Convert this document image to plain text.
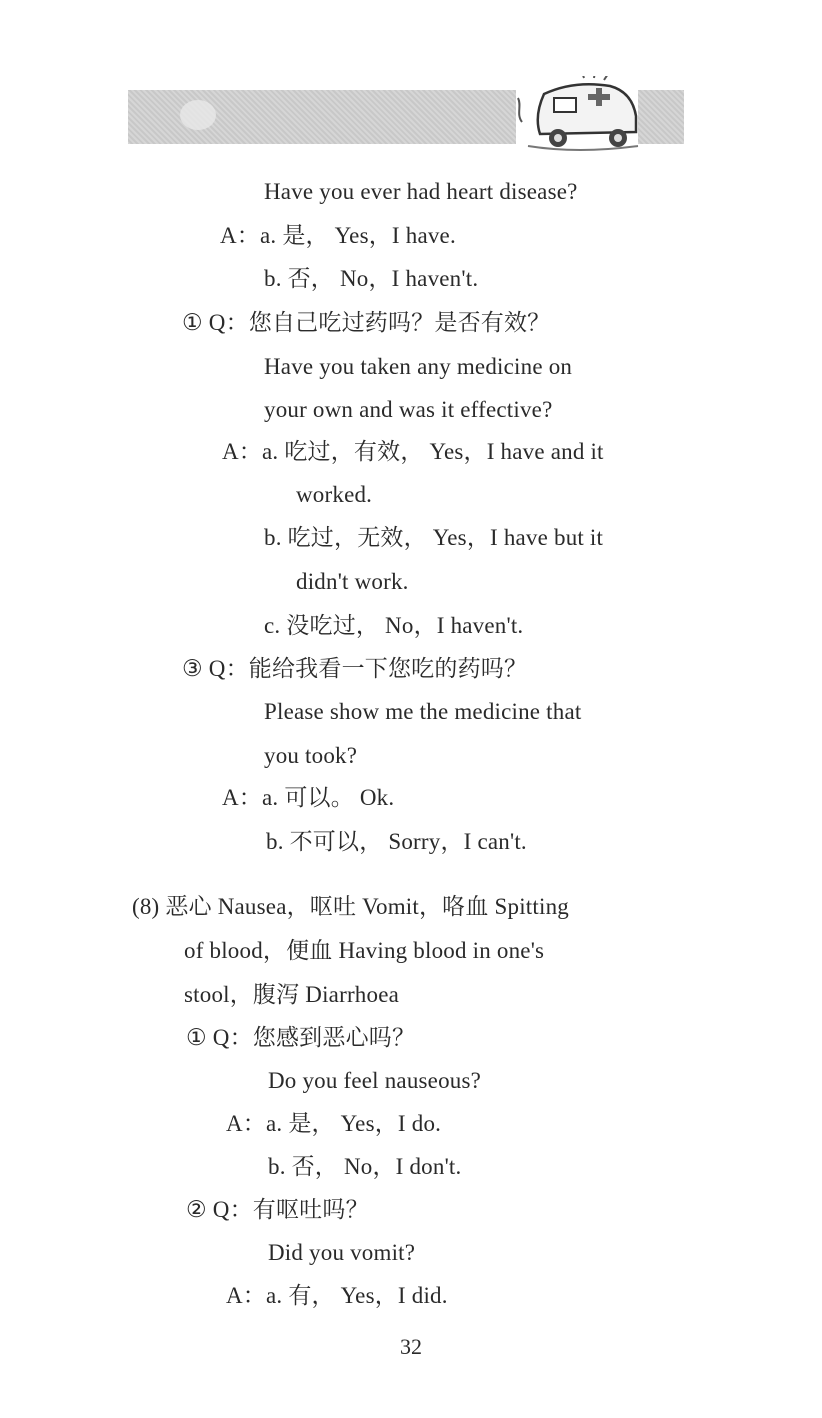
Have you ever had heart disease?
A：a. 是， Yes，I have.
b. 否， No，I haven't.
① Q：您自己吃过药吗？是否有效？
Have you taken any medicine on
your own and was it effective?
A：a. 吃过，有效， Yes，I have and it
worked.
b. 吃过，无效， Yes，I have but it
didn't work.
c. 没吃过， No，I haven't.
③ Q：能给我看一下您吃的药吗？
Please show me the medicine that
you took?
A：a. 可以。 Ok.
b. 不可以， Sorry，I can't.
(8) 恶心 Nausea，呕吐 Vomit，咯血 Spitting
of blood，便血 Having blood in one's
stool，腹泻 Diarrhoea
① Q：您感到恶心吗？
Do you feel nauseous?
A：a. 是， Yes，I do.
b. 否， No，I don't.
② Q：有呕吐吗？
Did you vomit?
A：a. 有， Yes，I did.
32
